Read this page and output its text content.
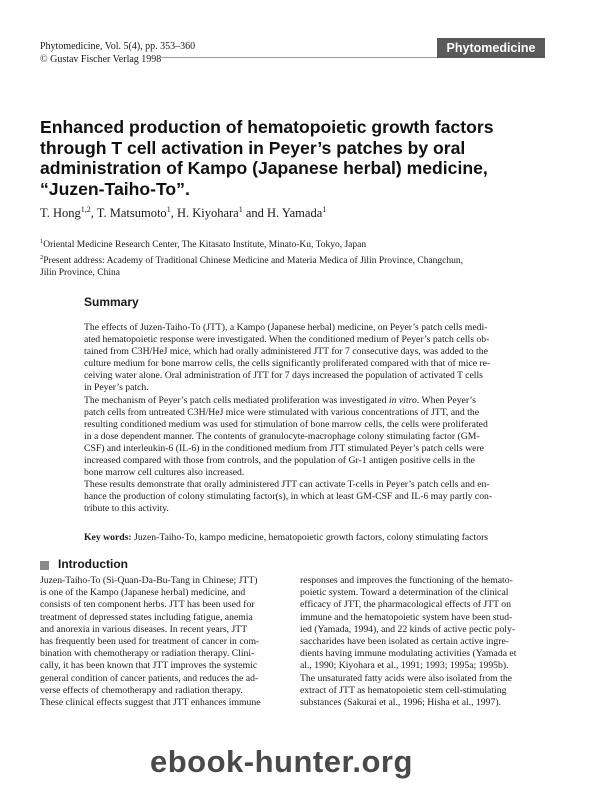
Phytomedicine, Vol. 5(4), pp. 353–360
© Gustav Fischer Verlag 1998
Phytomedicine
Enhanced production of hematopoietic growth factors
through T cell activation in Peyer’s patches by oral
administration of Kampo (Japanese herbal) medicine,
“Juzen-Taiho-To”.
T. Hong$^{1,2}$, T. Matsumoto$^1$, H. Kiyohara$^1$ and H. Yamada$^1$
$^1$Oriental Medicine Research Center, The Kitasato Institute, Minato-Ku, Tokyo, Japan
$^2$Present address: Academy of Traditional Chinese Medicine and Materia Medica of Jilin Province, Changchun,
Jilin Province, China
Summary
The effects of Juzen-Taiho-To (JTT), a Kampo (Japanese herbal) medicine, on Peyer’s patch cells medi-
ated hematopoietic response were investigated. When the conditioned medium of Peyer’s patch cells ob-
tained from C3H/HeJ mice, which had orally administered JTT for 7 consecutive days, was added to the
culture medium for bone marrow cells, the cells significantly proliferated compared with that of mice re-
ceiving water alone. Oral administration of JTT for 7 days increased the population of activated T cells
in Peyer’s patch.
The mechanism of Peyer’s patch cells mediated proliferation was investigated in vitro. When Peyer’s
patch cells from untreated C3H/HeJ mice were stimulated with various concentrations of JTT, and the
resulting conditioned medium was used for stimulation of bone marrow cells, the cells were proliferated
in a dose dependent manner. The contents of granulocyte-macrophage colony stimulating factor (GM-
CSF) and interleukin-6 (IL-6) in the conditioned medium from JTT stimulated Peyer’s patch cells were
increased compared with those from controls, and the population of Gr-1 antigen positive cells in the
bone marrow cell cultures also increased.
These results demonstrate that orally administered JTT can activate T-cells in Peyer’s patch cells and en-
hance the production of colony stimulating factor(s), in which at least GM-CSF and IL-6 may partly con-
tribute to this activity.
Key words: Juzen-Taiho-To, kampo medicine, hematopoietic growth factors, colony stimulating factors
Introduction
Juzen-Taiho-To (Si-Quan-Da-Bu-Tang in Chinese; JTT)
is one of the Kampo (Japanese herbal) medicine, and
consists of ten component herbs. JTT has been used for
treatment of depressed states including fatigue, anemia
and anorexia in various diseases. In recent years, JTT
has frequently been used for treatment of cancer in com-
bination with chemotherapy or radiation therapy. Clini-
cally, it has been known that JTT improves the systemic
general condition of cancer patients, and reduces the ad-
verse effects of chemotherapy and radiation therapy.
These clinical effects suggest that JTT enhances immune
responses and improves the functioning of the hemato-
poietic system. Toward a determination of the clinical
efficacy of JTT, the pharmacological effects of JTT on
immune and the hematopoietic system have been stud-
ied (Yamada, 1994), and 22 kinds of active pectic poly-
saccharides have been isolated as certain active ingre-
dients having immune modulating activities (Yamada et
al., 1990; Kiyohara et al., 1991; 1993; 1995a; 1995b).
The unsaturated fatty acids were also isolated from the
extract of JTT as hematopoietic stem cell-stimulating
substances (Sakurai et al., 1996; Hisha et al., 1997).
ebook-hunter.org
